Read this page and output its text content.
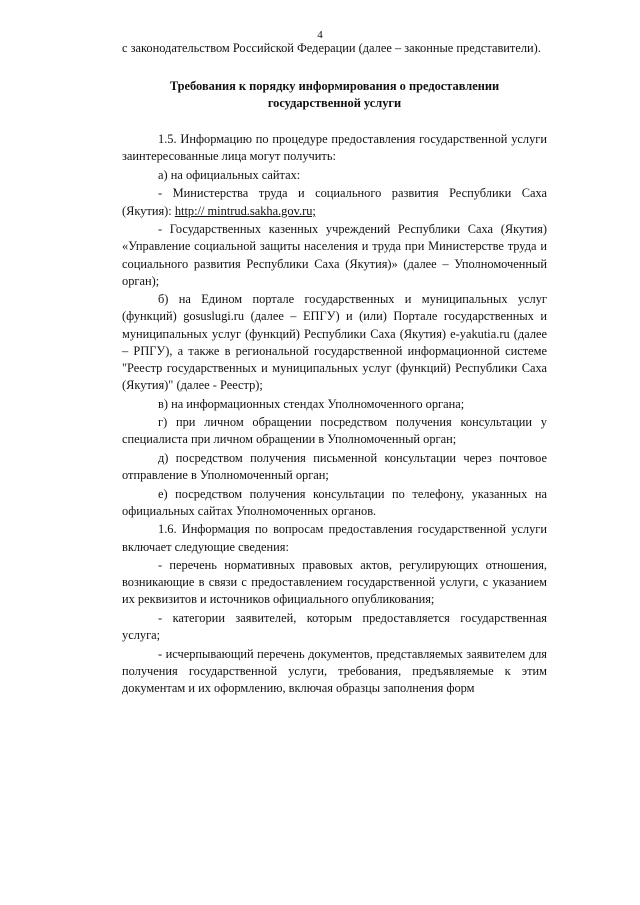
4

с законодательством Российской Федерации (далее – законные представители).

Требования к порядку информирования о предоставлении
государственной услуги

1.5. Информацию по процедуре предоставления государственной услуги заинтересованные лица могут получить:

а) на официальных сайтах:

- Министерства труда и социального развития Республики Саха (Якутия): http:// mintrud.sakha.gov.ru;

- Государственных казенных учреждений Республики Саха (Якутия) «Управление социальной защиты населения и труда при Министерстве труда и социального развития Республики Саха (Якутия)» (далее – Уполномоченный орган);

б) на Едином портале государственных и муниципальных услуг (функций) gosuslugi.ru (далее – ЕПГУ) и (или) Портале государственных и муниципальных услуг (функций) Республики Саха (Якутия) e-yakutia.ru (далее – РПГУ), а также в региональной государственной информационной системе "Реестр государственных и муниципальных услуг (функций) Республики Саха (Якутия)" (далее - Реестр);

в) на информационных стендах Уполномоченного органа;

г) при личном обращении посредством получения консультации у специалиста при личном обращении в Уполномоченный орган;

д) посредством получения письменной консультации через почтовое отправление в Уполномоченный орган;

е) посредством получения консультации по телефону, указанных на официальных сайтах Уполномоченных органов.

1.6. Информация по вопросам предоставления государственной услуги включает следующие сведения:

- перечень нормативных правовых актов, регулирующих отношения, возникающие в связи с предоставлением государственной услуги, с указанием их реквизитов и источников официального опубликования;

- категории заявителей, которым предоставляется государственная услуга;

- исчерпывающий перечень документов, представляемых заявителем для получения государственной услуги, требования, предъявляемые к этим документам и их оформлению, включая образцы заполнения форм
